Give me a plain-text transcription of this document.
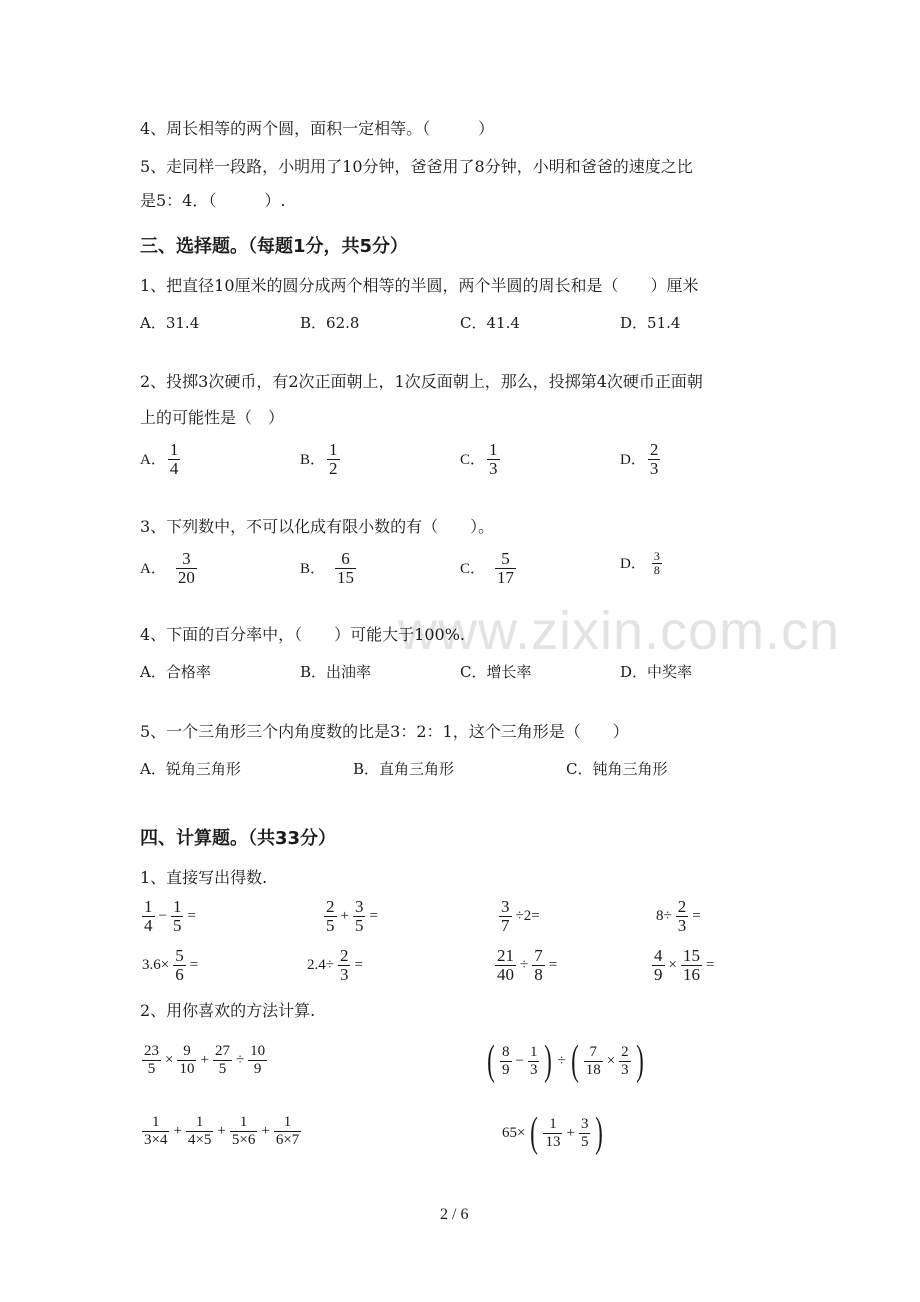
4、周长相等的两个圆，面积一定相等。（　　　）
5、走同样一段路，小明用了10分钟，爸爸用了8分钟，小明和爸爸的速度之比
是5：4．（　　　）.
三、选择题。（每题1分，共5分）
1、把直径10厘米的圆分成两个相等的半圆，两个半圆的周长和是（　　）厘米
A．31.4	B．62.8	C．41.4	D．51.4
2、投掷3次硬币，有2次正面朝上，1次反面朝上，那么，投掷第4次硬币正面朝
上的可能性是（　）
A． $\frac{1}{4}$	B． $\frac{1}{2}$	C． $\frac{1}{3}$	D． $\frac{2}{3}$
3、下列数中，不可以化成有限小数的有（　　）。
A． $\frac{3}{20}$	B． $\frac{6}{15}$	C． $\frac{5}{17}$	D． $\frac{3}{8}$
www.zixin.com.cn
4、下面的百分率中，（　　）可能大于100%.
A．合格率	B．出油率	C．增长率	D．中奖率
5、一个三角形三个内角度数的比是3：2：1，这个三角形是（　　）
A．锐角三角形	B．直角三角形	C．钝角三角形
四、计算题。（共33分）
1、直接写出得数.
$\frac{1}{4} - \frac{1}{5}$ =	$\frac{2}{5} + \frac{3}{5}$ =	$\frac{3}{7} \div 2=$	$8\div \frac{2}{3}$ =
$3.6\times \frac{5}{6}$ =	$2.4\div \frac{2}{3}$ =	$\frac{21}{40} \div \frac{7}{8}$ =	$\frac{4}{9} \times \frac{15}{16}$ =
2、用你喜欢的方法计算.
$\frac{23}{5} \times \frac{9}{10} + \frac{27}{5} \div \frac{10}{9}$	( $\frac{8}{9} - \frac{1}{3}$ ) ÷ ( $\frac{7}{18} \times \frac{2}{3}$ )
$\frac{1}{3\times 4} + \frac{1}{4\times 5} + \frac{1}{5\times 6} + \frac{1}{6\times 7}$	65× ( $\frac{1}{13} + \frac{3}{5}$ )
2 / 6
